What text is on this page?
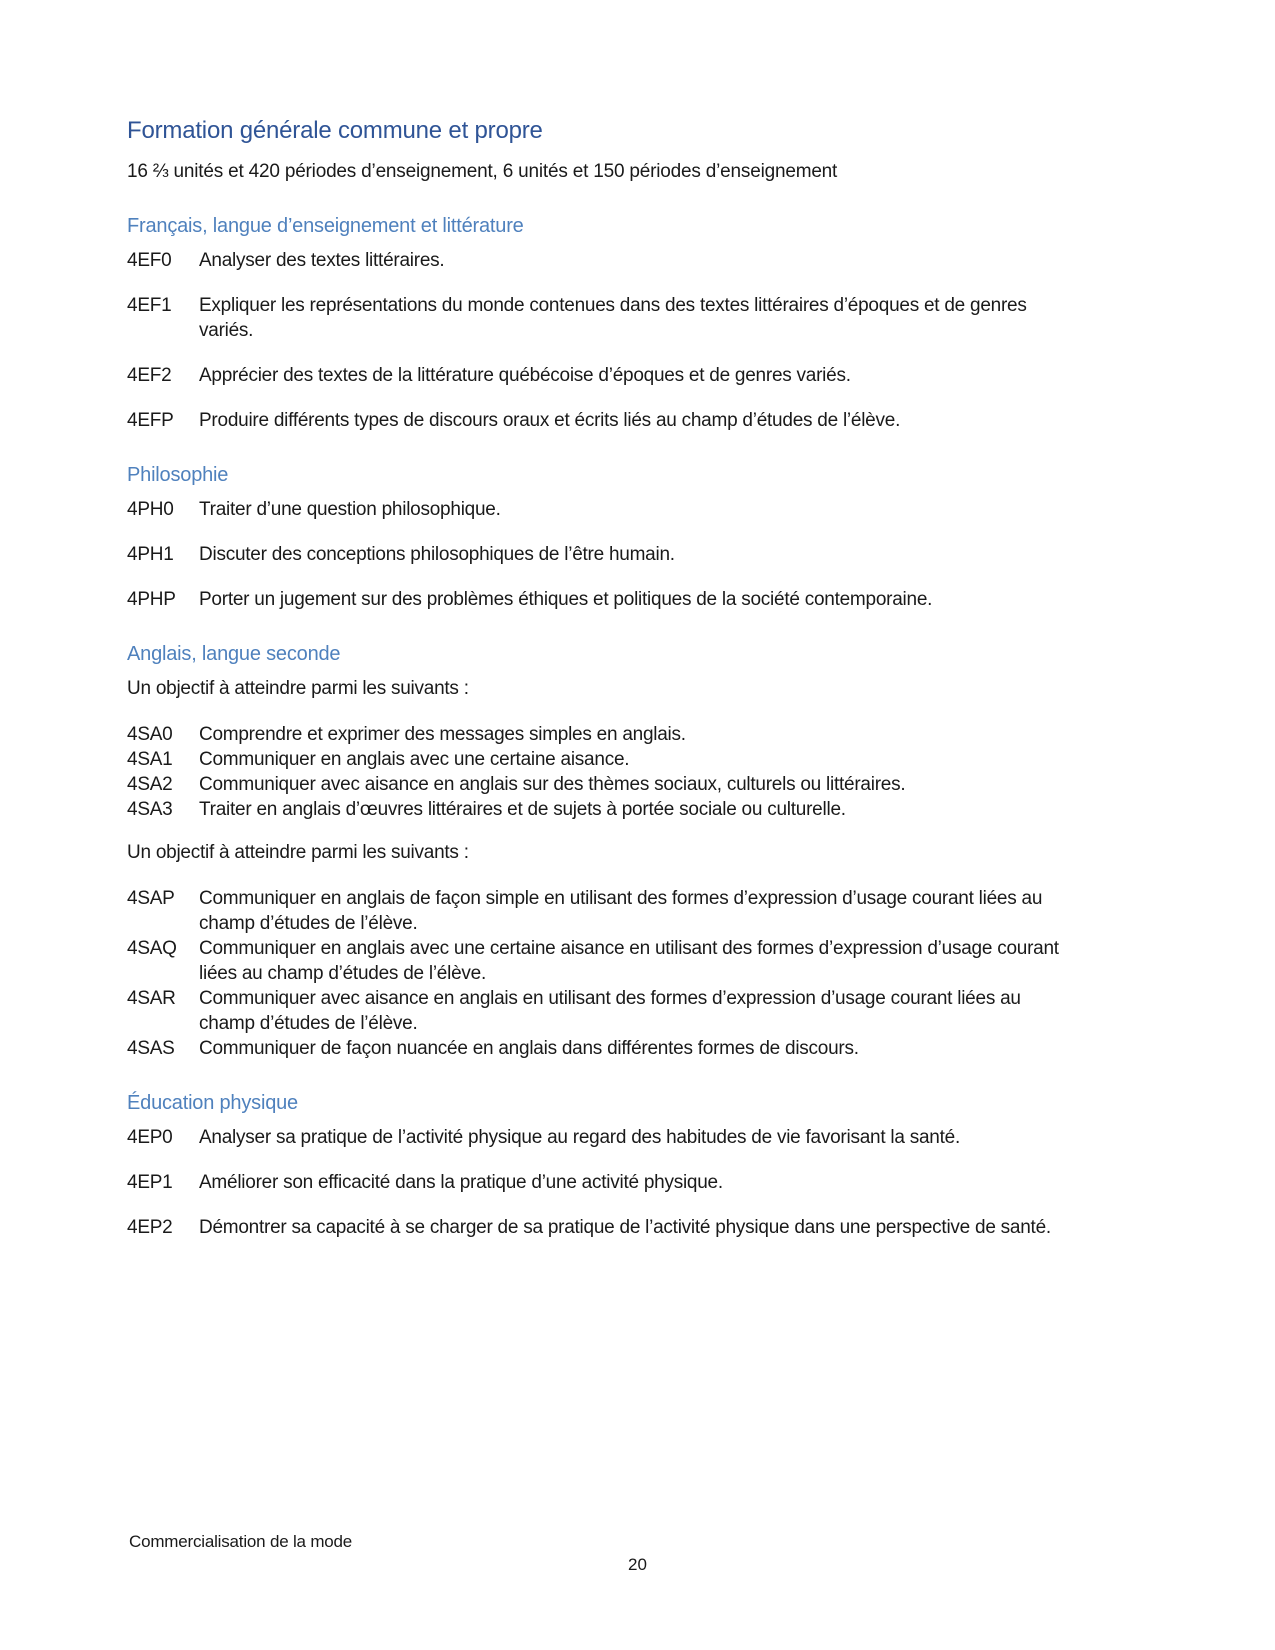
Formation générale commune et propre

16 ⅔ unités et 420 périodes d’enseignement, 6 unités et 150 périodes d’enseignement

Français, langue d’enseignement et littérature
4EF0	Analyser des textes littéraires.
4EF1	Expliquer les représentations du monde contenues dans des textes littéraires d’époques et de genres variés.
4EF2	Apprécier des textes de la littérature québécoise d’époques et de genres variés.
4EFP	Produire différents types de discours oraux et écrits liés au champ d’études de l’élève.
Philosophie
4PH0	Traiter d’une question philosophique.
4PH1	Discuter des conceptions philosophiques de l’être humain.
4PHP	Porter un jugement sur des problèmes éthiques et politiques de la société contemporaine.
Anglais, langue seconde

Un objectif à atteindre parmi les suivants :

4SA0	Comprendre et exprimer des messages simples en anglais.
4SA1	Communiquer en anglais avec une certaine aisance.
4SA2	Communiquer avec aisance en anglais sur des thèmes sociaux, culturels ou littéraires.
4SA3	Traiter en anglais d’œuvres littéraires et de sujets à portée sociale ou culturelle.

Un objectif à atteindre parmi les suivants :

4SAP	Communiquer en anglais de façon simple en utilisant des formes d’expression d’usage courant liées au champ d’études de l’élève.
4SAQ	Communiquer en anglais avec une certaine aisance en utilisant des formes d’expression d’usage courant liées au champ d’études de l’élève.
4SAR	Communiquer avec aisance en anglais en utilisant des formes d’expression d’usage courant liées au champ d’études de l’élève.
4SAS	Communiquer de façon nuancée en anglais dans différentes formes de discours.
Éducation physique
4EP0	Analyser sa pratique de l’activité physique au regard des habitudes de vie favorisant la santé.
4EP1	Améliorer son efficacité dans la pratique d’une activité physique.
4EP2	Démontrer sa capacité à se charger de sa pratique de l’activité physique dans une perspective de santé.
Commercialisation de la mode
20
